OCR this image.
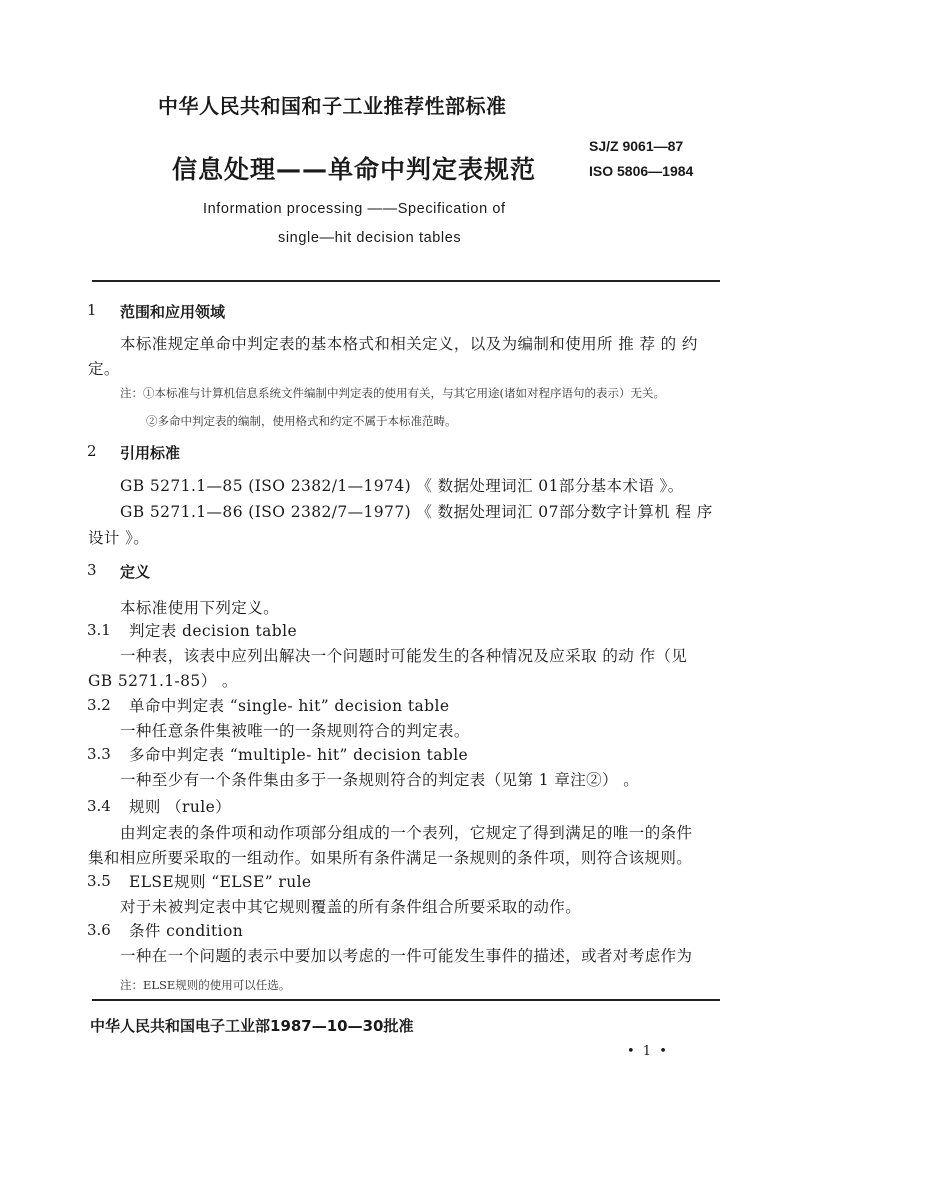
中华人民共和国和子工业推荐性部标准
信息处理——单命中判定表规范
SJ/Z 9061—87
ISO 5806—1984
Information processing ——Specification of
single—hit decision tables
1 范围和应用领域
本标准规定单命中判定表的基本格式和相关定义，以及为编制和使用所 推 荐 的 约
定。
注：①本标准与计算机信息系统文件编制中判定表的使用有关，与其它用途(诸如对程序语句的表示）无关。
②多命中判定表的编制，使用格式和约定不属于本标准范畴。
2 引用标准
GB 5271.1—85 (ISO 2382/1—1974) 《 数据处理词汇 01部分基本术语 》。
GB 5271.1—86 (ISO 2382/7—1977) 《 数据处理词汇 07部分数字计算机 程 序
设计 》。
3 定义
本标准使用下列定义。
3.1 判定表 decision table
一种表，该表中应列出解决一个问题时可能发生的各种情况及应采取 的动 作（见
GB 5271.1-85） 。
3.2 单命中判定表 “single- hit” decision table
一种任意条件集被唯一的一条规则符合的判定表。
3.3 多命中判定表 “multiple- hit” decision table
一种至少有一个条件集由多于一条规则符合的判定表（见第 1 章注②） 。
3.4 规则 （rule）
由判定表的条件项和动作项部分组成的一个表列，它规定了得到满足的唯一的条件
集和相应所要采取的一组动作。如果所有条件满足一条规则的条件项，则符合该规则。
3.5 ELSE规则 “ELSE” rule
对于未被判定表中其它规则覆盖的所有条件组合所要采取的动作。
3.6 条件 condition
一种在一个问题的表示中要加以考虑的一件可能发生事件的描述，或者对考虑作为
注：ELSE规则的使用可以任选。
中华人民共和国电子工业部1987—10—30批准
• 1 •
